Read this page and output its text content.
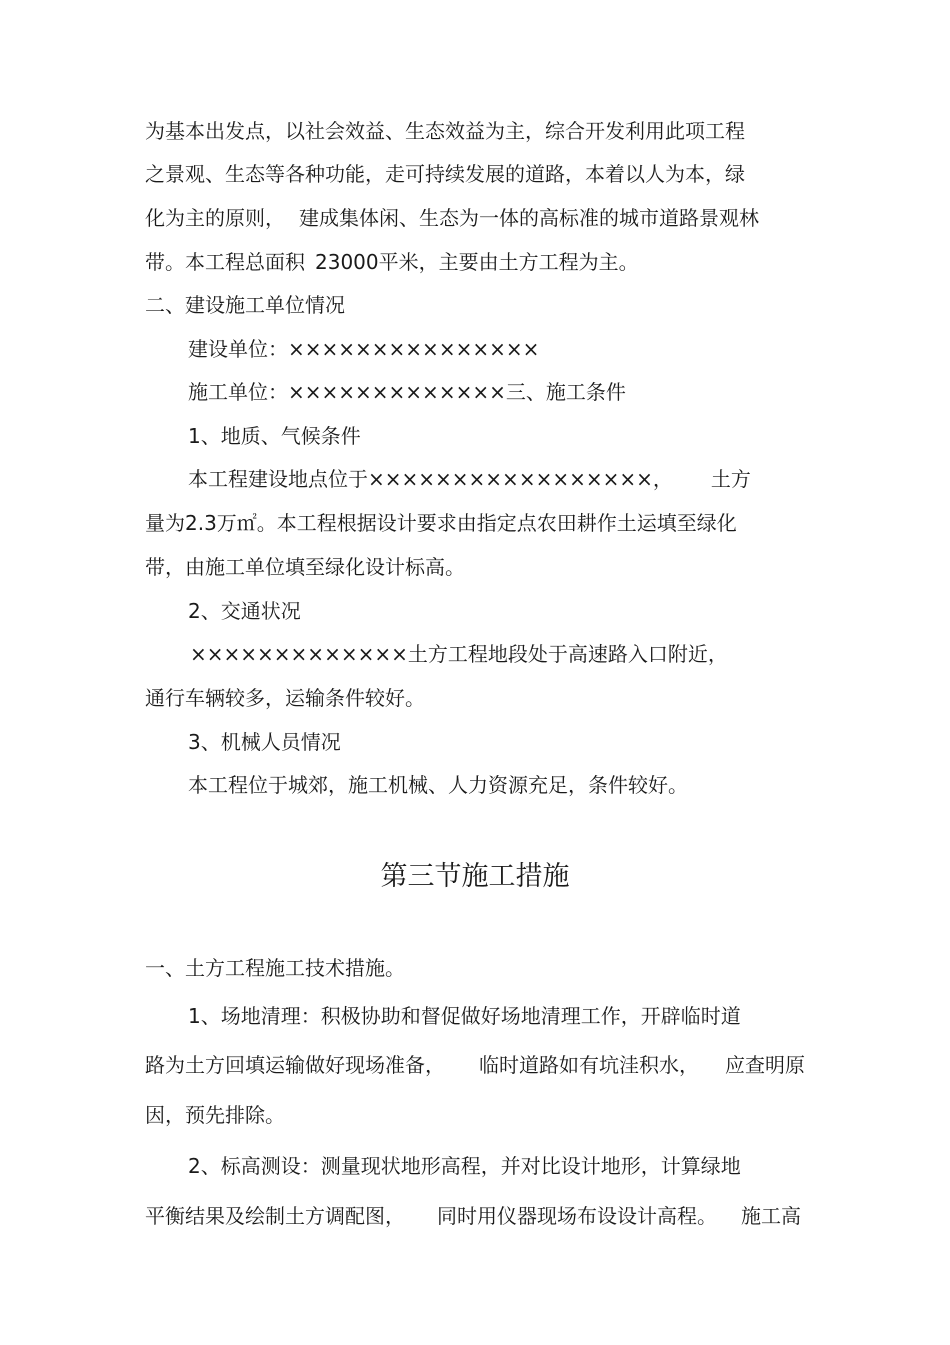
为基本出发点，以社会效益、生态效益为主，综合开发利用此项工程
之景观、生态等各种功能，走可持续发展的道路，本着以人为本，绿
化为主的原则， 建成集体闲、生态为一体的高标准的城市道路景观林
带。本工程总面积 23000平米，主要由土方工程为主。
二、建设施工单位情况
建设单位：×××××××××××××××
施工单位：×××××××××××××三、施工条件
1、地质、气候条件
本工程建设地点位于×××××××××××××××××， 土方
量为2.3万㎡。本工程根据设计要求由指定点农田耕作土运填至绿化
带，由施工单位填至绿化设计标高。
2、交通状况
×××××××××××××土方工程地段处于高速路入口附近，
通行车辆较多，运输条件较好。
3、机械人员情况
本工程位于城郊，施工机械、人力资源充足，条件较好。
第三节施工措施
一、土方工程施工技术措施。
1、场地清理：积极协助和督促做好场地清理工作，开辟临时道
路为土方回填运输做好现场准备， 临时道路如有坑洼积水， 应查明原
因，预先排除。
2、标高测设：测量现状地形高程，并对比设计地形，计算绿地
平衡结果及绘制土方调配图， 同时用仪器现场布设设计高程。 施工高
